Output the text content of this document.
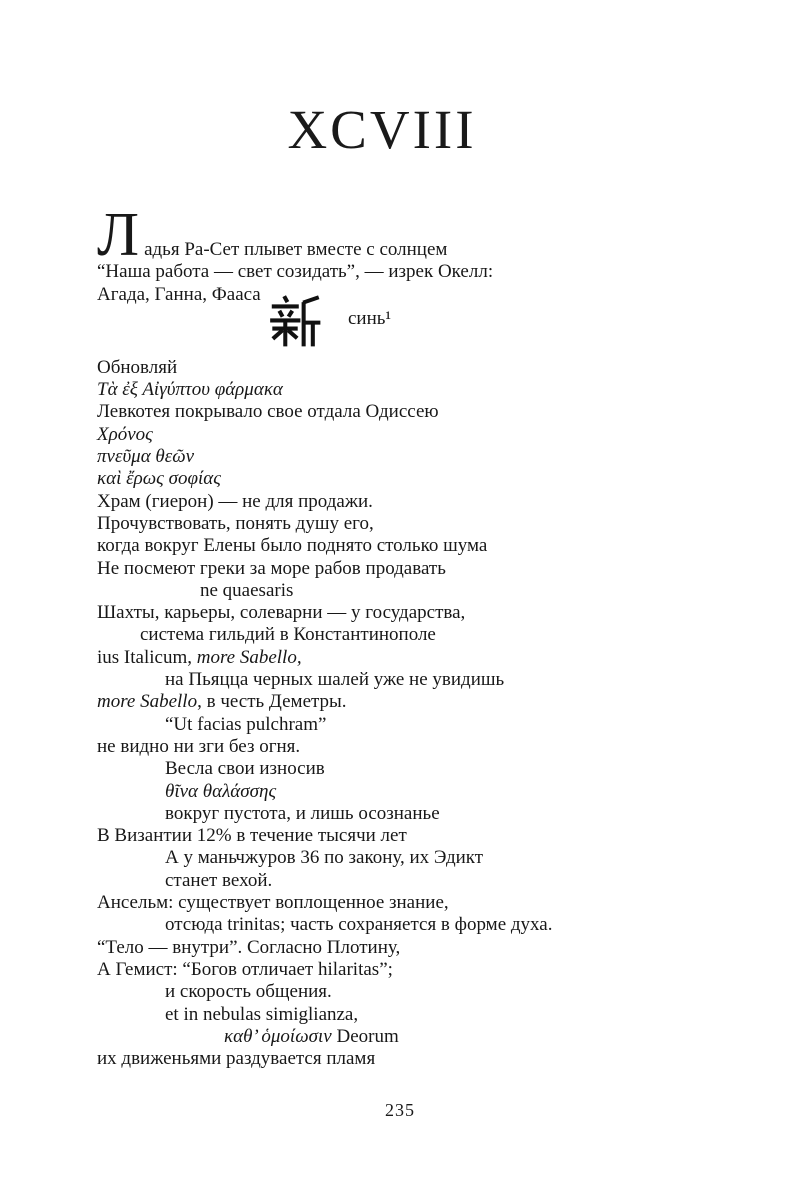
XCVIII
Ладья Ра-Сет плывет вместе с солнцем
“Наша работа — свет созидать”, — изрек Окелл:
Агада, Ганна, Фааса
синь¹
Обновляй
Τὰ ἐξ Αἰγύπτου φάρμακα
Левкотея покрывало свое отдала Одиссею
Χρόνος
πνεῦμα θεῶν
καὶ ἔρως σοφίας
Храм (гиерон) — не для продажи.
Прочувствовать, понять душу его,
когда вокруг Елены было поднято столько шума
Не посмеют греки за море рабов продавать
ne quaesaris
Шахты, карьеры, солеварни — у государства,
система гильдий в Константинополе
ius Italicum, more Sabello,
на Пьяцца черных шалей уже не увидишь
more Sabello, в честь Деметры.
“Ut facias pulchram”
не видно ни зги без огня.
Весла свои износив
θῖνα θαλάσσης
вокруг пустота, и лишь осознанье
В Византии 12% в течение тысячи лет
А у маньчжуров 36 по закону, их Эдикт
станет вехой.
Ансельм: существует воплощенное знание,
отсюда trinitas; часть сохраняется в форме духа.
“Тело — внутри”. Согласно Плотину,
А Гемист: “Богов отличает hilaritas”;
и скорость общения.
et in nebulas simiglianza,
καθ’ ὁμοίωσιν Deorum
их движеньями раздувается пламя
235
